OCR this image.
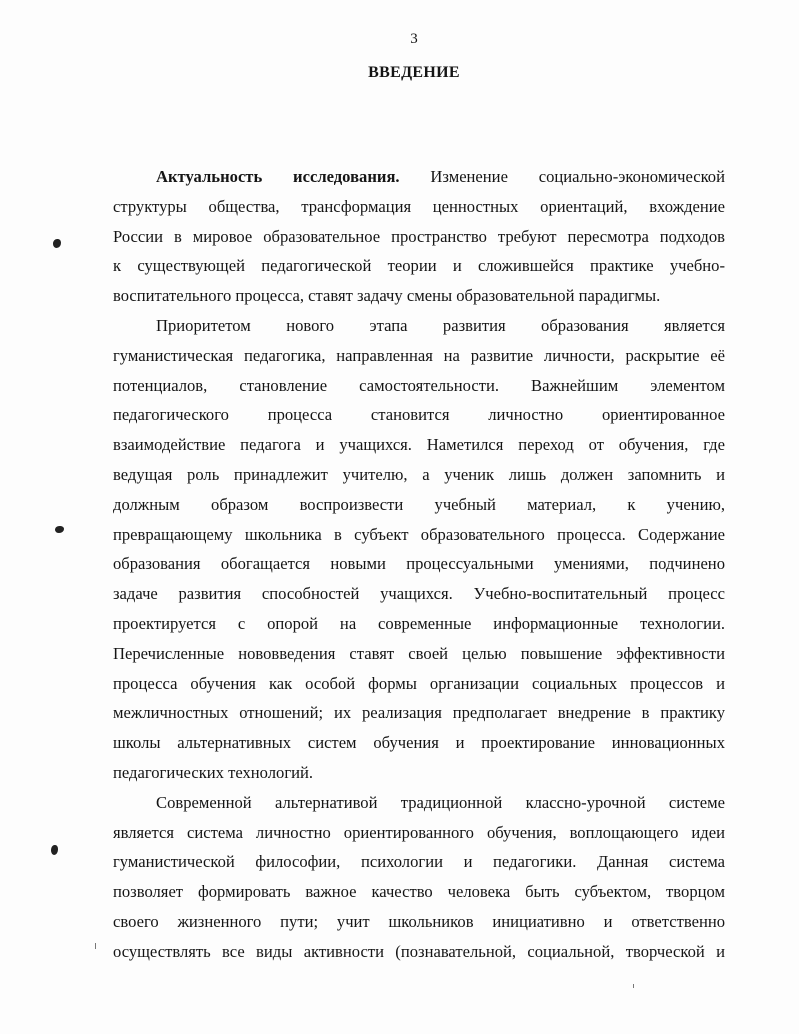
3
ВВЕДЕНИЕ

Актуальность исследования. Изменение социально-экономической
структуры общества, трансформация ценностных ориентаций, вхождение
России в мировое образовательное пространство требуют пересмотра подходов
к существующей педагогической теории и сложившейся практике учебно-
воспитательного процесса, ставят задачу смены образовательной парадигмы.

Приоритетом нового этапа развития образования является
гуманистическая педагогика, направленная на развитие личности, раскрытие её
потенциалов, становление самостоятельности. Важнейшим элементом
педагогического процесса становится личностно ориентированное
взаимодействие педагога и учащихся. Наметился переход от обучения, где
ведущая роль принадлежит учителю, а ученик лишь должен запомнить и
должным образом воспроизвести учебный материал, к учению,
превращающему школьника в субъект образовательного процесса. Содержание
образования обогащается новыми процессуальными умениями, подчинено
задаче развития способностей учащихся. Учебно-воспитательный процесс
проектируется с опорой на современные информационные технологии.
Перечисленные нововведения ставят своей целью повышение эффективности
процесса обучения как особой формы организации социальных процессов и
межличностных отношений; их реализация предполагает внедрение в практику
школы альтернативных систем обучения и проектирование инновационных
педагогических технологий.

Современной альтернативой традиционной классно-урочной системе
является система личностно ориентированного обучения, воплощающего идеи
гуманистической философии, психологии и педагогики. Данная система
позволяет формировать важное качество человека быть субъектом, творцом
своего жизненного пути; учит школьников инициативно и ответственно
осуществлять все виды активности (познавательной, социальной, творческой и
